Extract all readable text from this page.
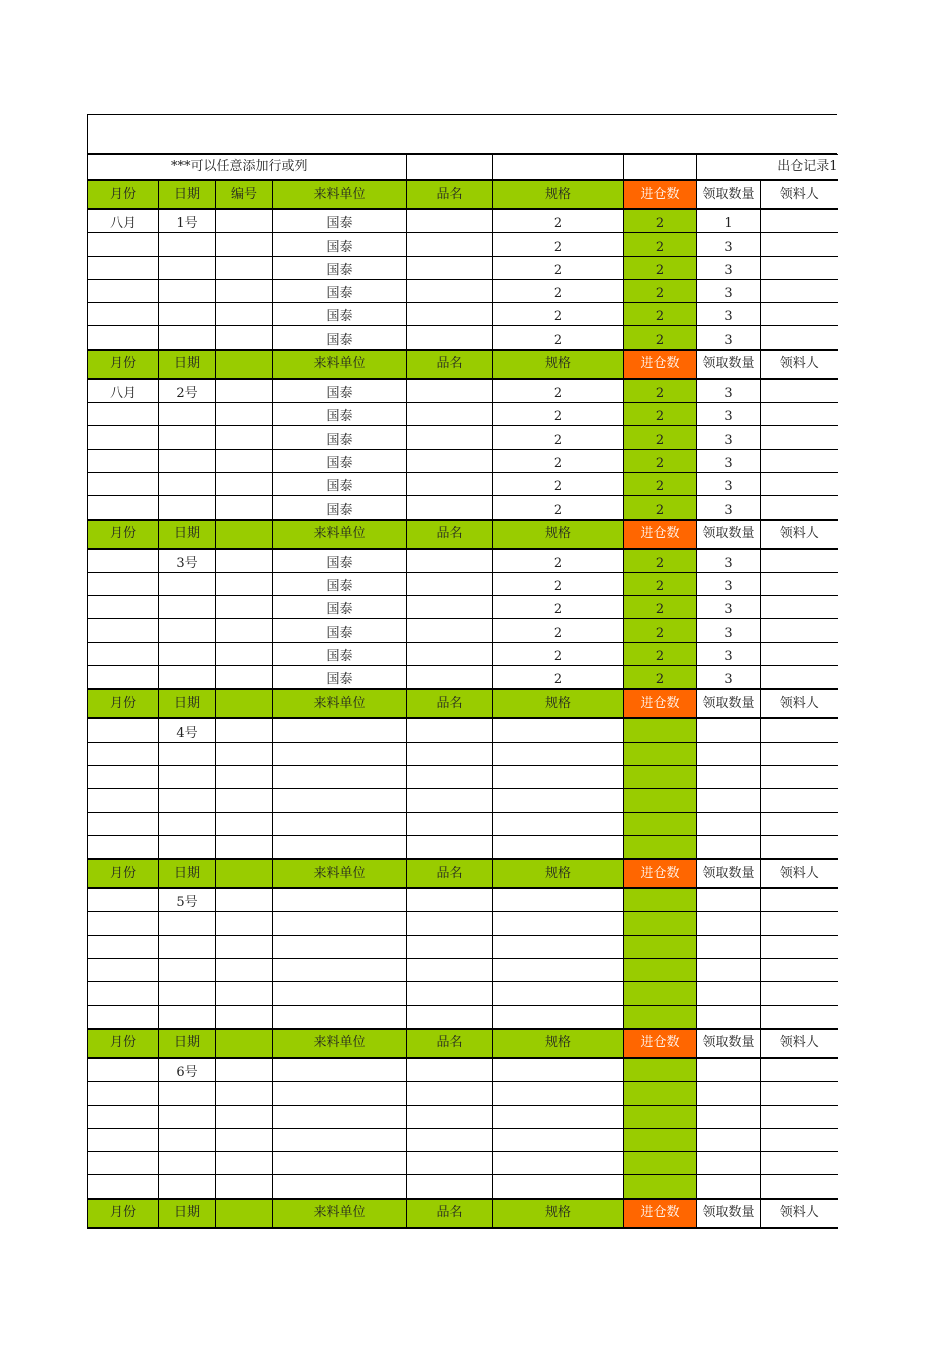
***可以任意添加行或列							出仓记录1	
月份	日期	编号	来料单位	品名	规格	进仓数	领取数量	领料人
八月	1号		国泰		2	2	1	
			国泰		2	2	3	
			国泰		2	2	3	
			国泰		2	2	3	
			国泰		2	2	3	
			国泰		2	2	3	
月份	日期		来料单位	品名	规格	进仓数	领取数量	领料人
八月	2号		国泰		2	2	3	
			国泰		2	2	3	
			国泰		2	2	3	
			国泰		2	2	3	
			国泰		2	2	3	
			国泰		2	2	3	
月份	日期		来料单位	品名	规格	进仓数	领取数量	领料人
	3号		国泰		2	2	3	
			国泰		2	2	3	
			国泰		2	2	3	
			国泰		2	2	3	
			国泰		2	2	3	
			国泰		2	2	3	
月份	日期		来料单位	品名	规格	进仓数	领取数量	领料人
	4号							

月份	日期		来料单位	品名	规格	进仓数	领取数量	领料人
	5号							

月份	日期		来料单位	品名	规格	进仓数	领取数量	领料人
	6号							

月份	日期		来料单位	品名	规格	进仓数	领取数量	领料人
